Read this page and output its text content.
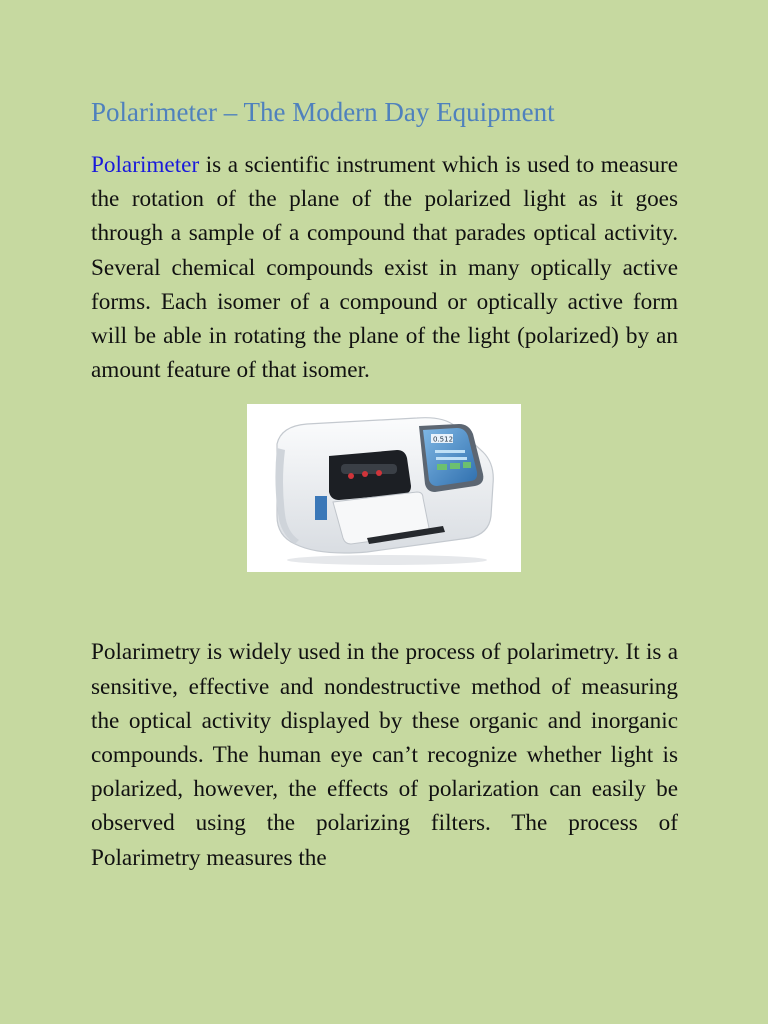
Polarimeter – The Modern Day Equipment

Polarimeter is a scientific instrument which is used to measure the rotation of the plane of the polarized light as it goes through a sample of a compound that parades optical activity. Several chemical compounds exist in many optically active forms. Each isomer of a compound or optically active form will be able in rotating the plane of the light (polarized) by an amount feature of that isomer.

0.512

Polarimetry is widely used in the process of polarimetry. It is a sensitive, effective and nondestructive method of measuring the optical activity displayed by these organic and inorganic compounds. The human eye can’t recognize whether light is polarized, however, the effects of polarization can easily be observed using the polarizing filters. The process of Polarimetry measures the
